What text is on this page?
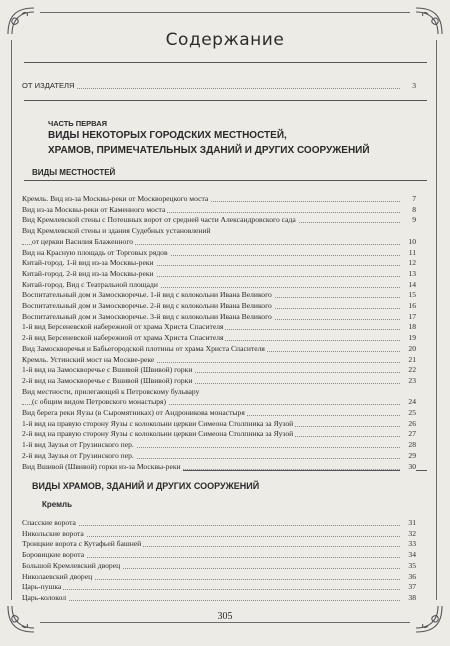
Содержание
ОТ ИЗДАТЕЛЯ	3
ЧАСТЬ ПЕРВАЯ
ВИДЫ НЕКОТОРЫХ ГОРОДСКИХ МЕСТНОСТЕЙ,
ХРАМОВ, ПРИМЕЧАТЕЛЬНЫХ ЗДАНИЙ И ДРУГИХ СООРУЖЕНИЙ
ВИДЫ МЕСТНОСТЕЙ
Кремль. Вид из-за Москвы-реки от Москворецкого моста	7
Вид из-за Москвы-реки от Каменного моста	8
Вид Кремлевской стены с Потешных ворот от средней части Александровского сада	9
Вид Кремлевской стены и здания Судебных установлений
от церкви Василия Блаженного	10
Вид на Красную площадь от Торговых рядов	11
Китай-город. 1-й вид из-за Москвы-реки	12
Китай-город. 2-й вид из-за Москвы-реки	13
Китай-город. Вид с Театральной площади	14
Воспитательный дом и Замоскворечье. 1-й вид с колокольни Ивана Великого	15
Воспитательный дом и Замоскворечье. 2-й вид с колокольни Ивана Великого	16
Воспитательный дом и Замоскворечье. 3-й вид с колокольни Ивана Великого	17
1-й вид Берсеневской набережной от храма Христа Спасителя	18
2-й вид Берсеневской набережной от храма Христа Спасителя	19
Вид Замоскворечья и Бабьегородской плотины от храма Христа Спасителя	20
Кремль. Устинский мост на Москве-реке	21
1-й вид на Замоскворечье с Вшивой (Швивой) горки	22
2-й вид на Замоскворечье с Вшивой (Швивой) горки	23
Вид местности, прилегающей к Петровскому бульвару
(с общим видом Петровского монастыря)	24
Вид берега реки Яузы (в Сыромятниках) от Андроникова монастыря	25
1-й вид на правую сторону Яузы с колокольни церкви Симеона Столпника за Яузой	26
2-й вид на правую сторону Яузы с колокольни церкви Симеона Столпника за Яузой	27
1-й вид Заузья от Грузинского пер.	28
2-й вид Заузья от Грузинского пер.	29
Вид Вшивой (Швивой) горки из-за Москвы-реки	30
ВИДЫ ХРАМОВ, ЗДАНИЙ И ДРУГИХ СООРУЖЕНИЙ
Кремль
Спасские ворота	31
Никольские ворота	32
Троицкие ворота с Кутафьей башней	33
Боровицкие ворота	34
Большой Кремлевский дворец	35
Николаевский дворец	36
Царь-пушка	37
Царь-колокол	38
305
